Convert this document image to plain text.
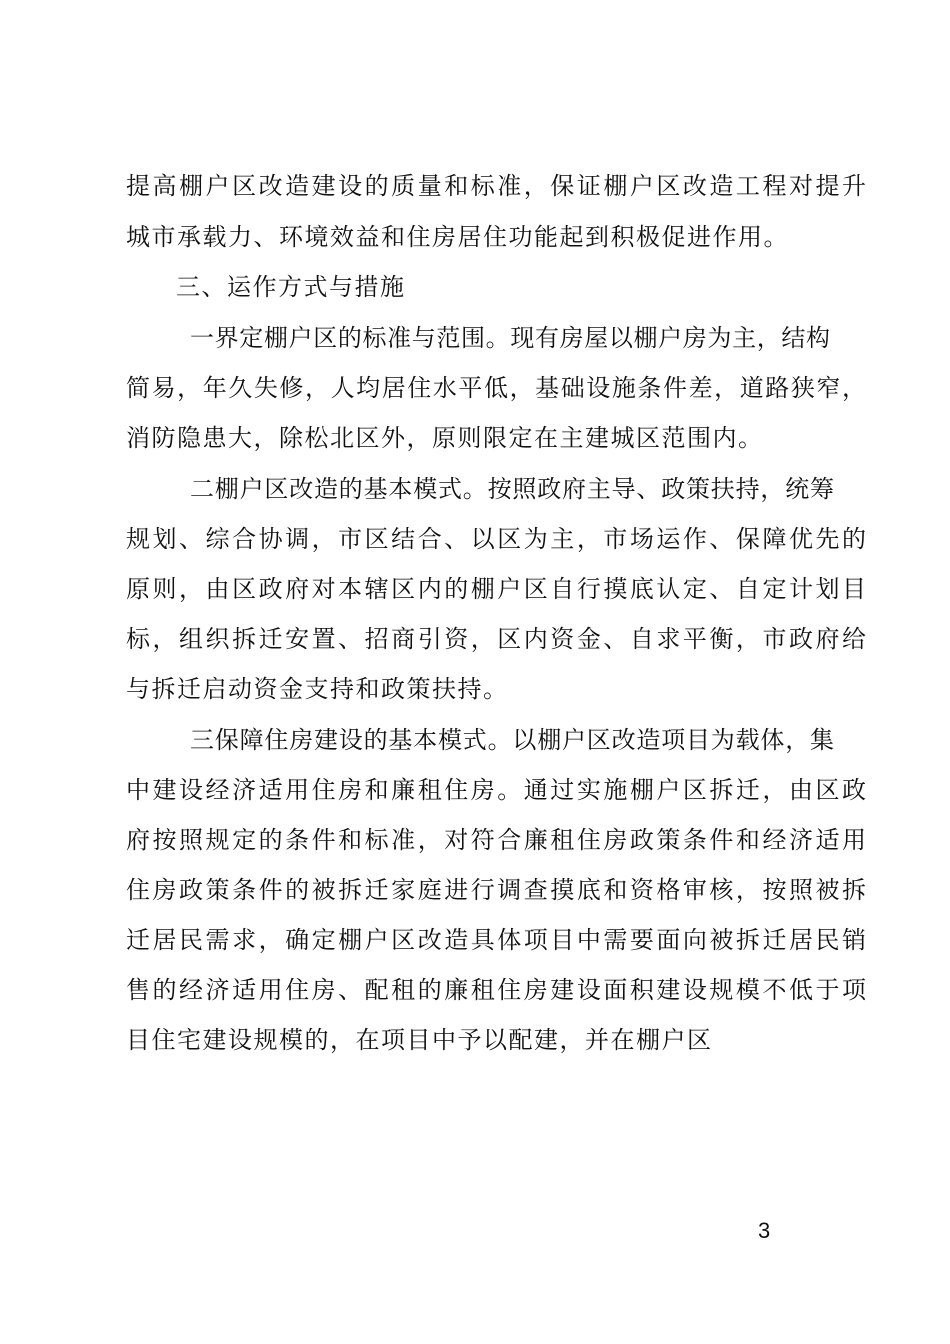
提高棚户区改造建设的质量和标准，保证棚户区改造工程对提升
城市承载力、环境效益和住房居住功能起到积极促进作用。
三、运作方式与措施
一界定棚户区的标准与范围。现有房屋以棚户房为主，结构
简易，年久失修，人均居住水平低，基础设施条件差，道路狭窄，
消防隐患大，除松北区外，原则限定在主建城区范围内。
二棚户区改造的基本模式。按照政府主导、政策扶持，统筹
规划、综合协调，市区结合、以区为主，市场运作、保障优先的
原则，由区政府对本辖区内的棚户区自行摸底认定、自定计划目
标，组织拆迁安置、招商引资，区内资金、自求平衡，市政府给
与拆迁启动资金支持和政策扶持。
三保障住房建设的基本模式。以棚户区改造项目为载体，集
中建设经济适用住房和廉租住房。通过实施棚户区拆迁，由区政
府按照规定的条件和标准，对符合廉租住房政策条件和经济适用
住房政策条件的被拆迁家庭进行调查摸底和资格审核，按照被拆
迁居民需求，确定棚户区改造具体项目中需要面向被拆迁居民销
售的经济适用住房、配租的廉租住房建设面积建设规模不低于项
目住宅建设规模的，在项目中予以配建，并在棚户区
3
